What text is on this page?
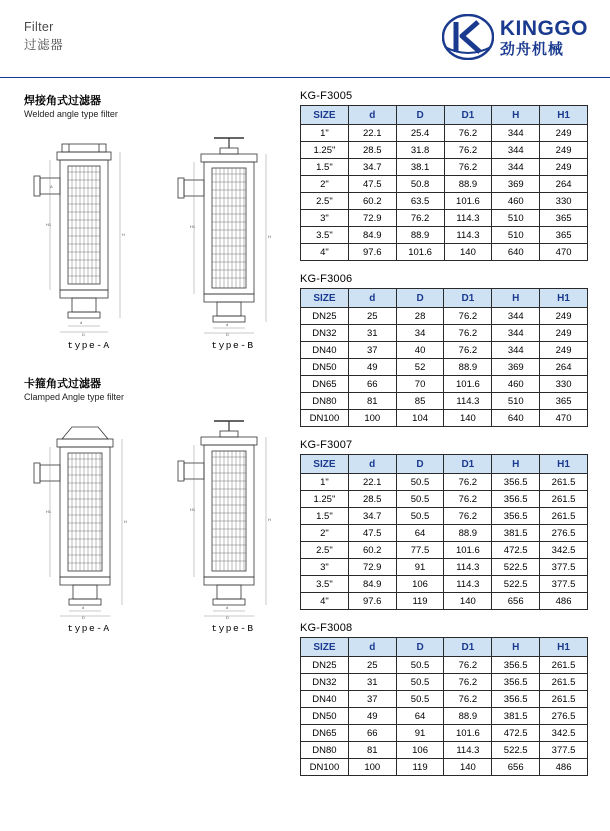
Filter
过滤器
KINGGO
劲舟机械
焊接角式过滤器
Welded angle type filter
H1
H
d
D
A
type-A
H1
H
d
D
type-B
卡箍角式过滤器
Clamped Angle type filter
H1
H
d
D
type-A
H1
H
d
D
type-B
KG-F3005
SIZE	d	D	D1	H	H1
1"	22.1	25.4	76.2	344	249
1.25"	28.5	31.8	76.2	344	249
1.5"	34.7	38.1	76.2	344	249
2"	47.5	50.8	88.9	369	264
2.5"	60.2	63.5	101.6	460	330
3"	72.9	76.2	114.3	510	365
3.5"	84.9	88.9	114.3	510	365
4"	97.6	101.6	140	640	470
KG-F3006
SIZE	d	D	D1	H	H1
DN25	25	28	76.2	344	249
DN32	31	34	76.2	344	249
DN40	37	40	76.2	344	249
DN50	49	52	88.9	369	264
DN65	66	70	101.6	460	330
DN80	81	85	114.3	510	365
DN100	100	104	140	640	470
KG-F3007
SIZE	d	D	D1	H	H1
1"	22.1	50.5	76.2	356.5	261.5
1.25"	28.5	50.5	76.2	356.5	261.5
1.5"	34.7	50.5	76.2	356.5	261.5
2"	47.5	64	88.9	381.5	276.5
2.5"	60.2	77.5	101.6	472.5	342.5
3"	72.9	91	114.3	522.5	377.5
3.5"	84.9	106	114.3	522.5	377.5
4"	97.6	119	140	656	486
KG-F3008
SIZE	d	D	D1	H	H1
DN25	25	50.5	76.2	356.5	261.5
DN32	31	50.5	76.2	356.5	261.5
DN40	37	50.5	76.2	356.5	261.5
DN50	49	64	88.9	381.5	276.5
DN65	66	91	101.6	472.5	342.5
DN80	81	106	114.3	522.5	377.5
DN100	100	119	140	656	486
